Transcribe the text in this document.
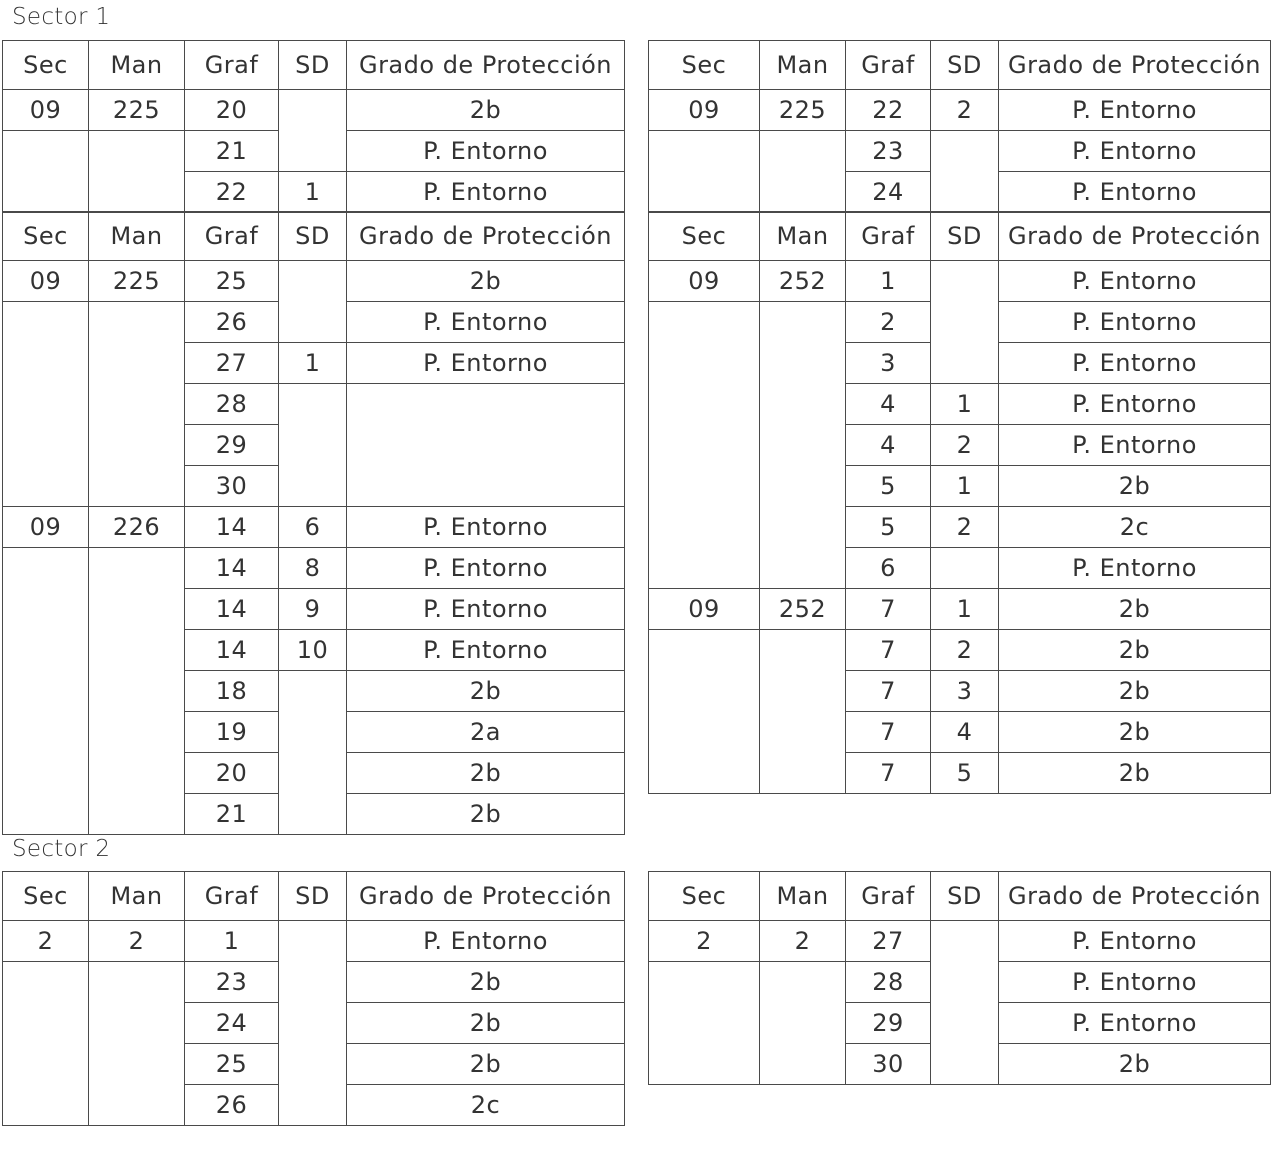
Sector 1
Sector 2
Sec	Man	Graf	SD	Grado de Protección
09	225	20		2b
		21		P. Entorno
		22	1	P. Entorno
Sec	Man	Graf	SD	Grado de Protección
09	225	22	2	P. Entorno
		23		P. Entorno
		24		P. Entorno
Sec	Man	Graf	SD	Grado de Protección
09	225	25		2b
		26		P. Entorno
		27	1	P. Entorno
		28		
		29		
		30		
09	226	14	6	P. Entorno
		14	8	P. Entorno
		14	9	P. Entorno
		14	10	P. Entorno
		18		2b
		19		2a
		20		2b
		21		2b
Sec	Man	Graf	SD	Grado de Protección
09	252	1		P. Entorno
		2		P. Entorno
		3		P. Entorno
		4	1	P. Entorno
		4	2	P. Entorno
		5	1	2b
		5	2	2c
		6		P. Entorno
09	252	7	1	2b
		7	2	2b
		7	3	2b
		7	4	2b
		7	5	2b
Sec	Man	Graf	SD	Grado de Protección
2	2	1		P. Entorno
		23		2b
		24		2b
		25		2b
		26		2c
Sec	Man	Graf	SD	Grado de Protección
2	2	27		P. Entorno
		28		P. Entorno
		29		P. Entorno
		30		2b
